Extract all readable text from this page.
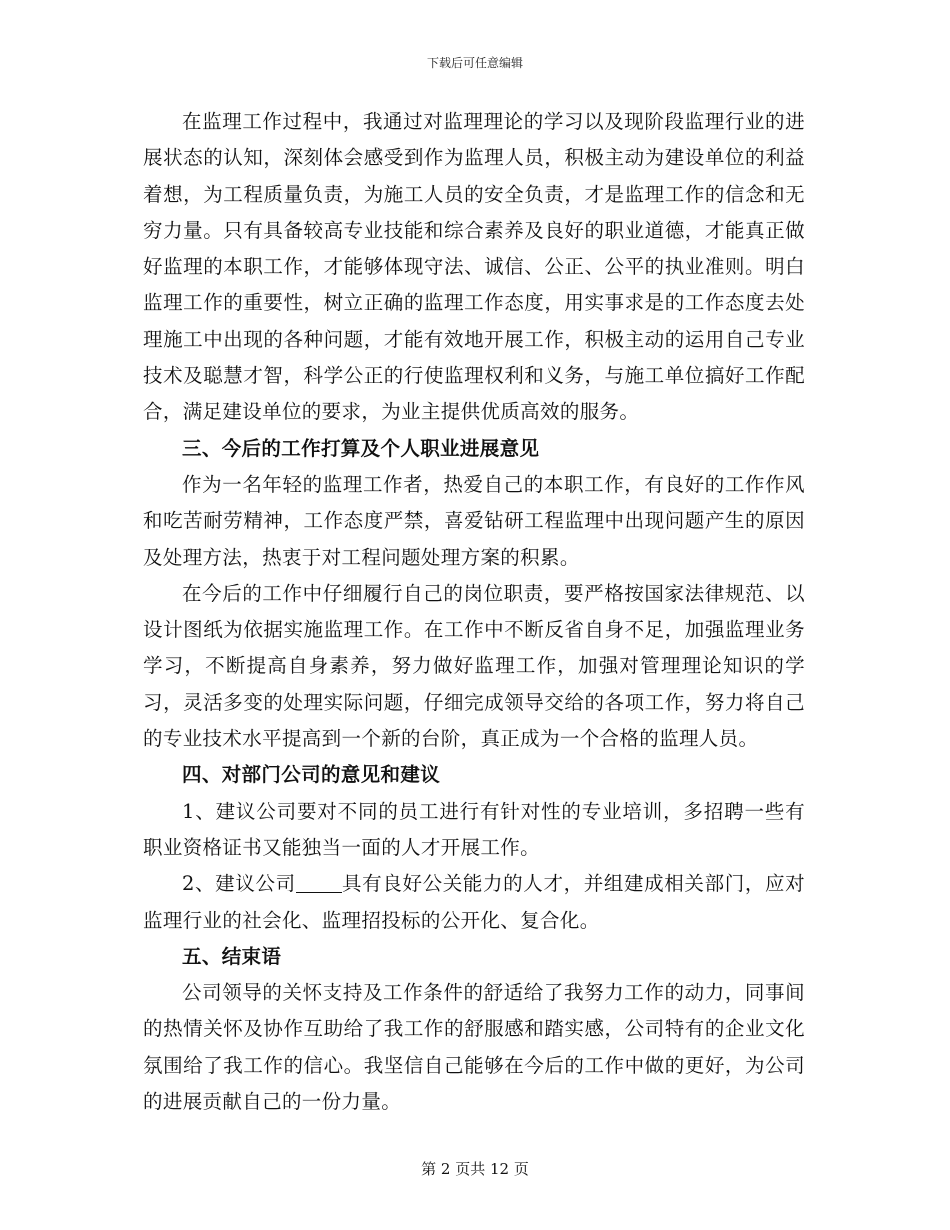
下载后可任意编辑

在监理工作过程中，我通过对监理理论的学习以及现阶段监理行业的进展状态的认知，深刻体会感受到作为监理人员，积极主动为建设单位的利益着想，为工程质量负责，为施工人员的安全负责，才是监理工作的信念和无穷力量。只有具备较高专业技能和综合素养及良好的职业道德，才能真正做好监理的本职工作，才能够体现守法、诚信、公正、公平的执业准则。明白监理工作的重要性，树立正确的监理工作态度，用实事求是的工作态度去处理施工中出现的各种问题，才能有效地开展工作，积极主动的运用自己专业技术及聪慧才智，科学公正的行使监理权利和义务，与施工单位搞好工作配合，满足建设单位的要求，为业主提供优质高效的服务。

三、今后的工作打算及个人职业进展意见

作为一名年轻的监理工作者，热爱自己的本职工作，有良好的工作作风和吃苦耐劳精神，工作态度严禁，喜爱钻研工程监理中出现问题产生的原因及处理方法，热衷于对工程问题处理方案的积累。

在今后的工作中仔细履行自己的岗位职责，要严格按国家法律规范、以设计图纸为依据实施监理工作。在工作中不断反省自身不足，加强监理业务学习，不断提高自身素养，努力做好监理工作，加强对管理理论知识的学习，灵活多变的处理实际问题，仔细完成领导交给的各项工作，努力将自己的专业技术水平提高到一个新的台阶，真正成为一个合格的监理人员。

四、对部门公司的意见和建议

1、建议公司要对不同的员工进行有针对性的专业培训，多招聘一些有职业资格证书又能独当一面的人才开展工作。

2、建议公司 具有良好公关能力的人才，并组建成相关部门，应对监理行业的社会化、监理招投标的公开化、复合化。

五、结束语

公司领导的关怀支持及工作条件的舒适给了我努力工作的动力，同事间的热情关怀及协作互助给了我工作的舒服感和踏实感，公司特有的企业文化氛围给了我工作的信心。我坚信自己能够在今后的工作中做的更好，为公司的进展贡献自己的一份力量。

第 2 页共 12 页
